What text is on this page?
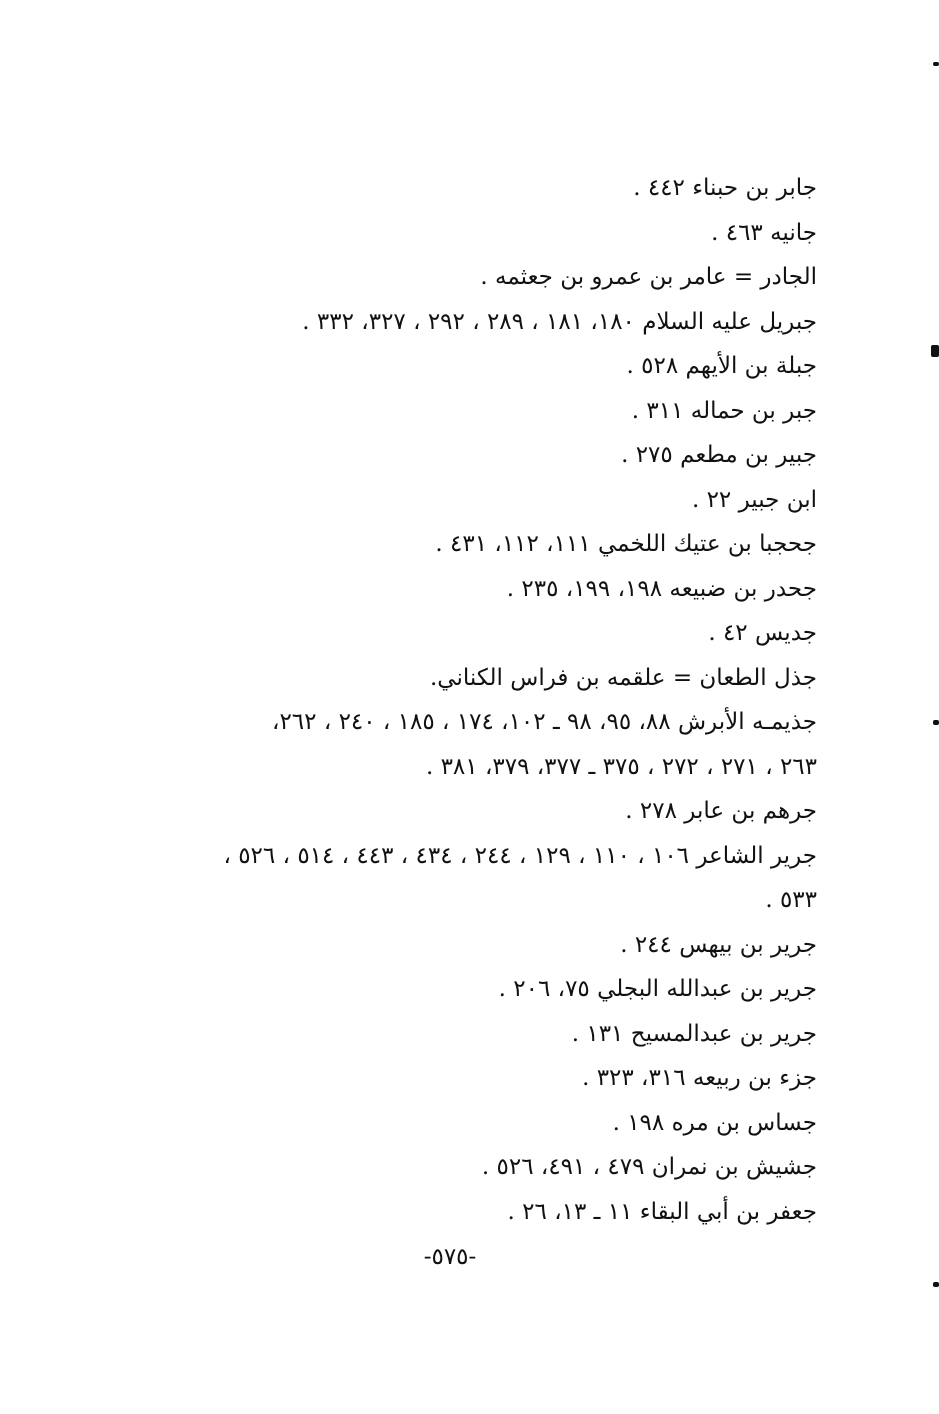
جابر بن حبناء ٤٤٢ .
جانيه ٤٦٣ .
الجادر = عامر بن عمرو بن جعثمه .
جبريل عليه السلام ١٨٠، ١٨١ ، ٢٨٩ ، ٢٩٢ ، ٣٢٧، ٣٣٢ .
جبلة بن الأيهم ٥٢٨ .
جبر بن حماله ٣١١ .
جبير بن مطعم ٢٧٥ .
ابن جبير ٢٢ .
جحجبا بن عتيك اللخمي ١١١، ١١٢، ٤٣١ .
جحدر بن ضبيعه ١٩٨، ١٩٩، ٢٣٥ .
جديس ٤٢ .
جذل الطعان = علقمه بن فراس الكناني.
جذيمـه الأبرش ٨٨، ٩٥، ٩٨ ـ ١٠٢، ١٧٤ ، ١٨٥ ، ٢٤٠ ، ٢٦٢،
٢٦٣ ، ٢٧١ ، ٢٧٢ ، ٣٧٥ ـ ٣٧٧، ٣٧٩، ٣٨١ .
جرهم بن عابر ٢٧٨ .
جرير الشاعر ١٠٦ ، ١١٠ ، ١٢٩ ، ٢٤٤ ، ٤٣٤ ، ٤٤٣ ، ٥١٤ ، ٥٢٦ ،
٥٣٣ .
جرير بن بيهس ٢٤٤ .
جرير بن عبدالله البجلي ٧٥، ٢٠٦ .
جرير بن عبدالمسيح ١٣١ .
جزء بن ربيعه ٣١٦، ٣٢٣ .
جساس بن مره ١٩٨ .
جشيش بن نمران ٤٧٩ ، ٤٩١، ٥٢٦ .
جعفر بن أبي البقاء ١١ ـ ١٣، ٢٦ .
-٥٧٥-
